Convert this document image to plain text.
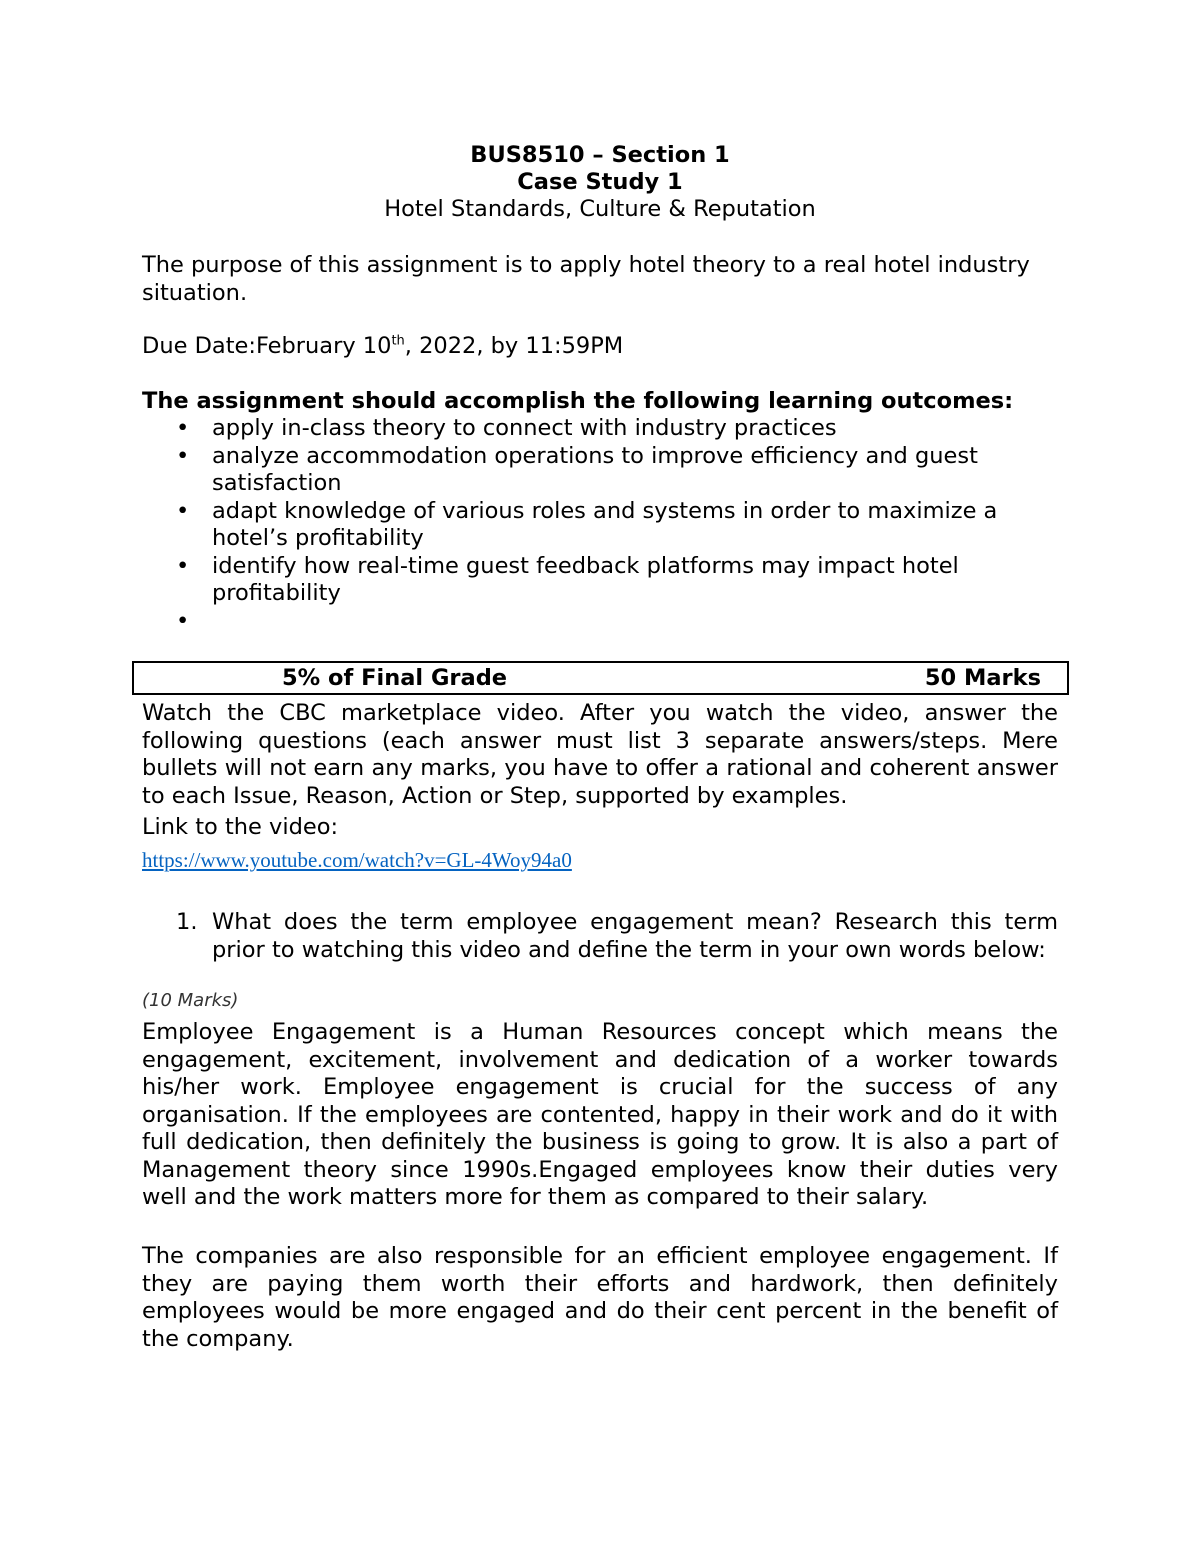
BUS8510 – Section 1
Case Study 1
Hotel Standards, Culture & Reputation
The purpose of this assignment is to apply hotel theory to a real hotel industry situation.
Due Date:February 10th, 2022, by 11:59PM
The assignment should accomplish the following learning outcomes:
• apply in-class theory to connect with industry practices
• analyze accommodation operations to improve efficiency and guest satisfaction
• adapt knowledge of various roles and systems in order to maximize a hotel’s profitability
• identify how real-time guest feedback platforms may impact hotel profitability
•

5% of Final Grade	50 Marks
Watch the CBC marketplace video. After you watch the video, answer the following questions (each answer must list 3 separate answers/steps. Mere bullets will not earn any marks, you have to offer a rational and coherent answer to each Issue, Reason, Action or Step, supported by examples.
Link to the video:
https://www.youtube.com/watch?v=GL-4Woy94a0
1. What does the term employee engagement mean? Research this term prior to watching this video and define the term in your own words below:
(10 Marks)
Employee Engagement is a Human Resources concept which means the engagement, excitement, involvement and dedication of a worker towards his/her work. Employee engagement is crucial for the success of any organisation. If the employees are contented, happy in their work and do it with full dedication, then definitely the business is going to grow. It is also a part of Management theory since 1990s.Engaged employees know their duties very well and the work matters more for them as compared to their salary.
The companies are also responsible for an efficient employee engagement. If they are paying them worth their efforts and hardwork, then definitely employees would be more engaged and do their cent percent in the benefit of the company.
